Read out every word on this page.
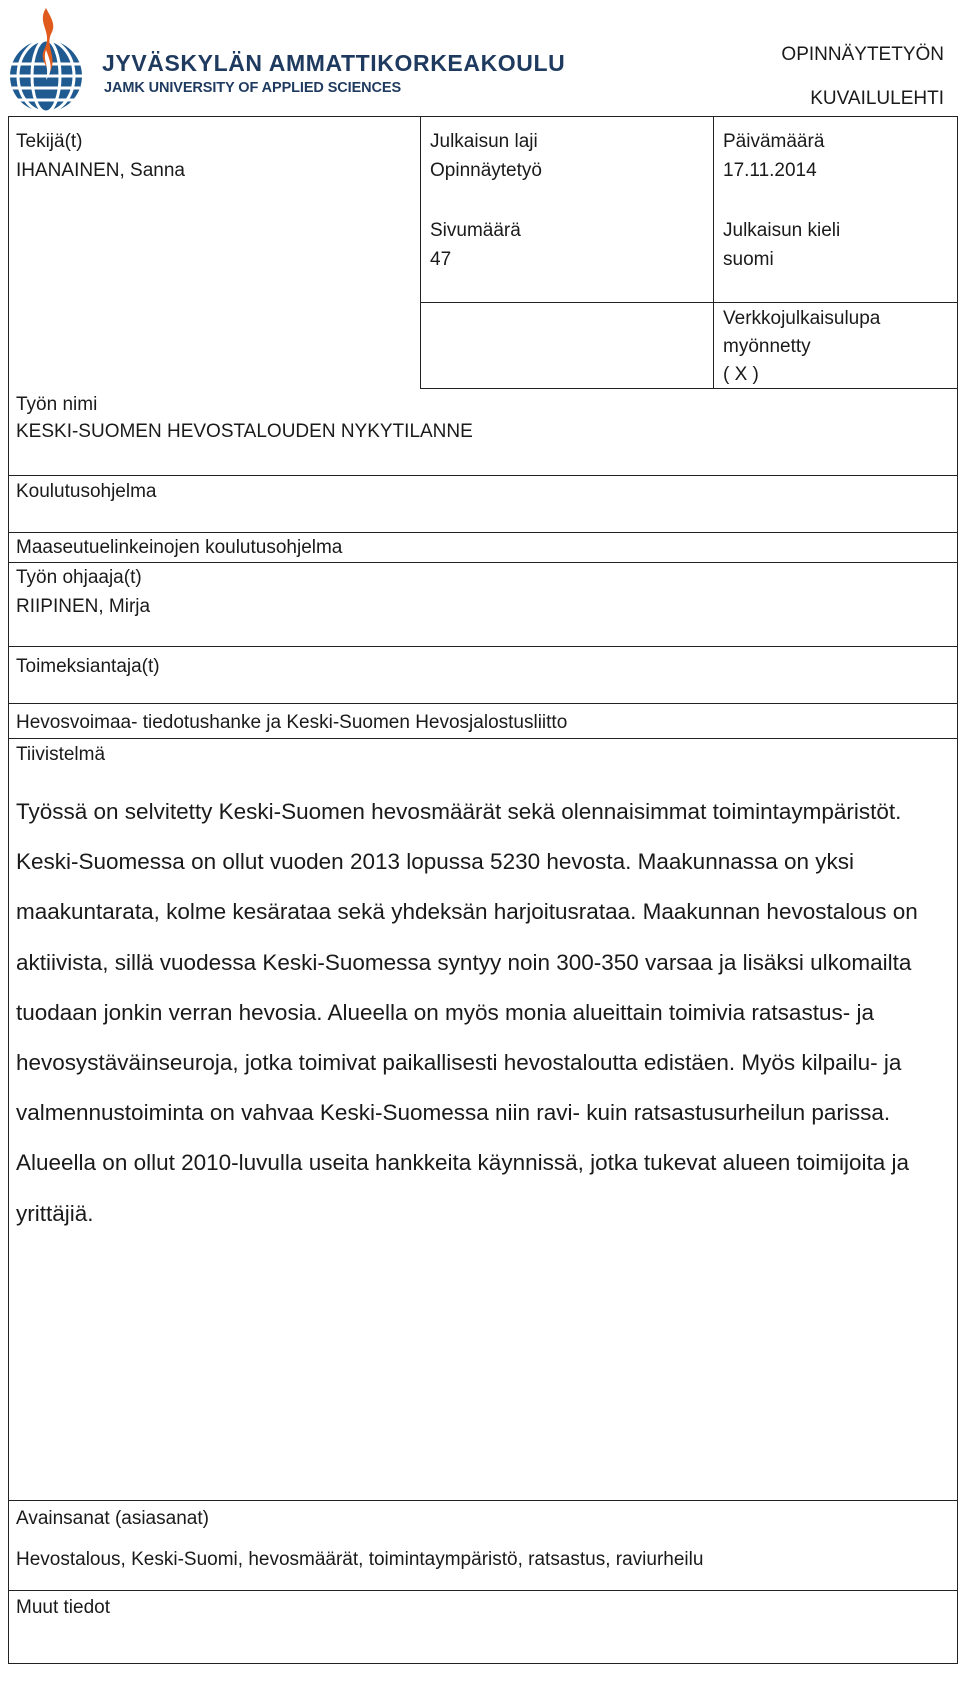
JYVÄSKYLÄN AMMATTIKORKEAKOULU
JAMK UNIVERSITY OF APPLIED SCIENCES
OPINNÄYTETYÖN
KUVAILULEHTI
Tekijä(t)
IHANAINEN, Sanna
Julkaisun laji
Opinnäytetyö
Päivämäärä
17.11.2014
Sivumäärä
47
Julkaisun kieli
suomi
Verkkojulkaisulupa
myönnetty
( X )
Työn nimi
KESKI-SUOMEN HEVOSTALOUDEN NYKYTILANNE
Koulutusohjelma
Maaseutuelinkeinojen koulutusohjelma
Työn ohjaaja(t)
RIIPINEN, Mirja
Toimeksiantaja(t)
Hevosvoimaa- tiedotushanke ja Keski-Suomen Hevosjalostusliitto
Tiivistelmä
Työssä on selvitetty Keski-Suomen hevosmäärät sekä olennaisimmat toimintaympäristöt. Keski-Suomessa on ollut vuoden 2013 lopussa 5230 hevosta. Maakunnassa on yksi maakuntarata, kolme kesärataa sekä yhdeksän harjoitusrataa. Maakunnan hevostalous on aktiivista, sillä vuodessa Keski-Suomessa syntyy noin 300-350 varsaa ja lisäksi ulkomailta tuodaan jonkin verran hevosia. Alueella on myös monia alueittain toimivia ratsastus- ja hevosystäväinseuroja, jotka toimivat paikallisesti hevostaloutta edistäen. Myös kilpailu- ja valmennustoiminta on vahvaa Keski-Suomessa niin ravi- kuin ratsastusurheilun parissa. Alueella on ollut 2010-luvulla useita hankkeita käynnissä, jotka tukevat alueen toimijoita ja yrittäjiä.
Avainsanat (asiasanat)
Hevostalous, Keski-Suomi, hevosmäärät, toimintaympäristö, ratsastus, raviurheilu
Muut tiedot
